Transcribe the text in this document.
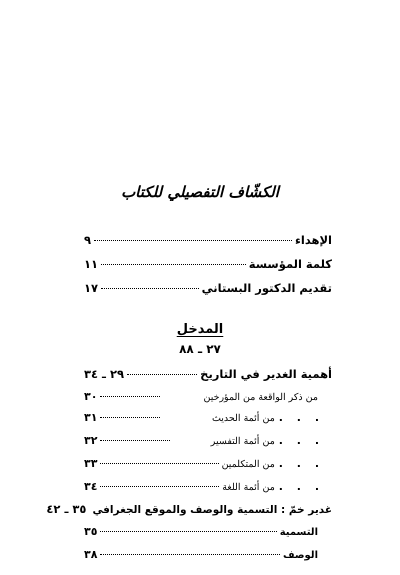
الكشّاف التفصيلي للكتاب
الإهداء
٩
كلمة المؤسسة
١١
تقديم الدكتور البستاني
١٧
المدخل
٢٧ ـ ٨٨
أهمية الغدير في التاريخ
٢٩ ـ ٣٤
من ذكر الواقعة من المؤرخين
٣٠
. . .
من أئمة الحديث
٣١
. . .
من أئمة التفسير
٣٢
. . .
من المتكلمين
٣٣
. . .
من أئمة اللغة
٣٤
غدير خمّ : التسمية والوصف والموقع الجغرافي
٣٥ ـ ٤٢
التسمية
٣٥
الوصف
٣٨
